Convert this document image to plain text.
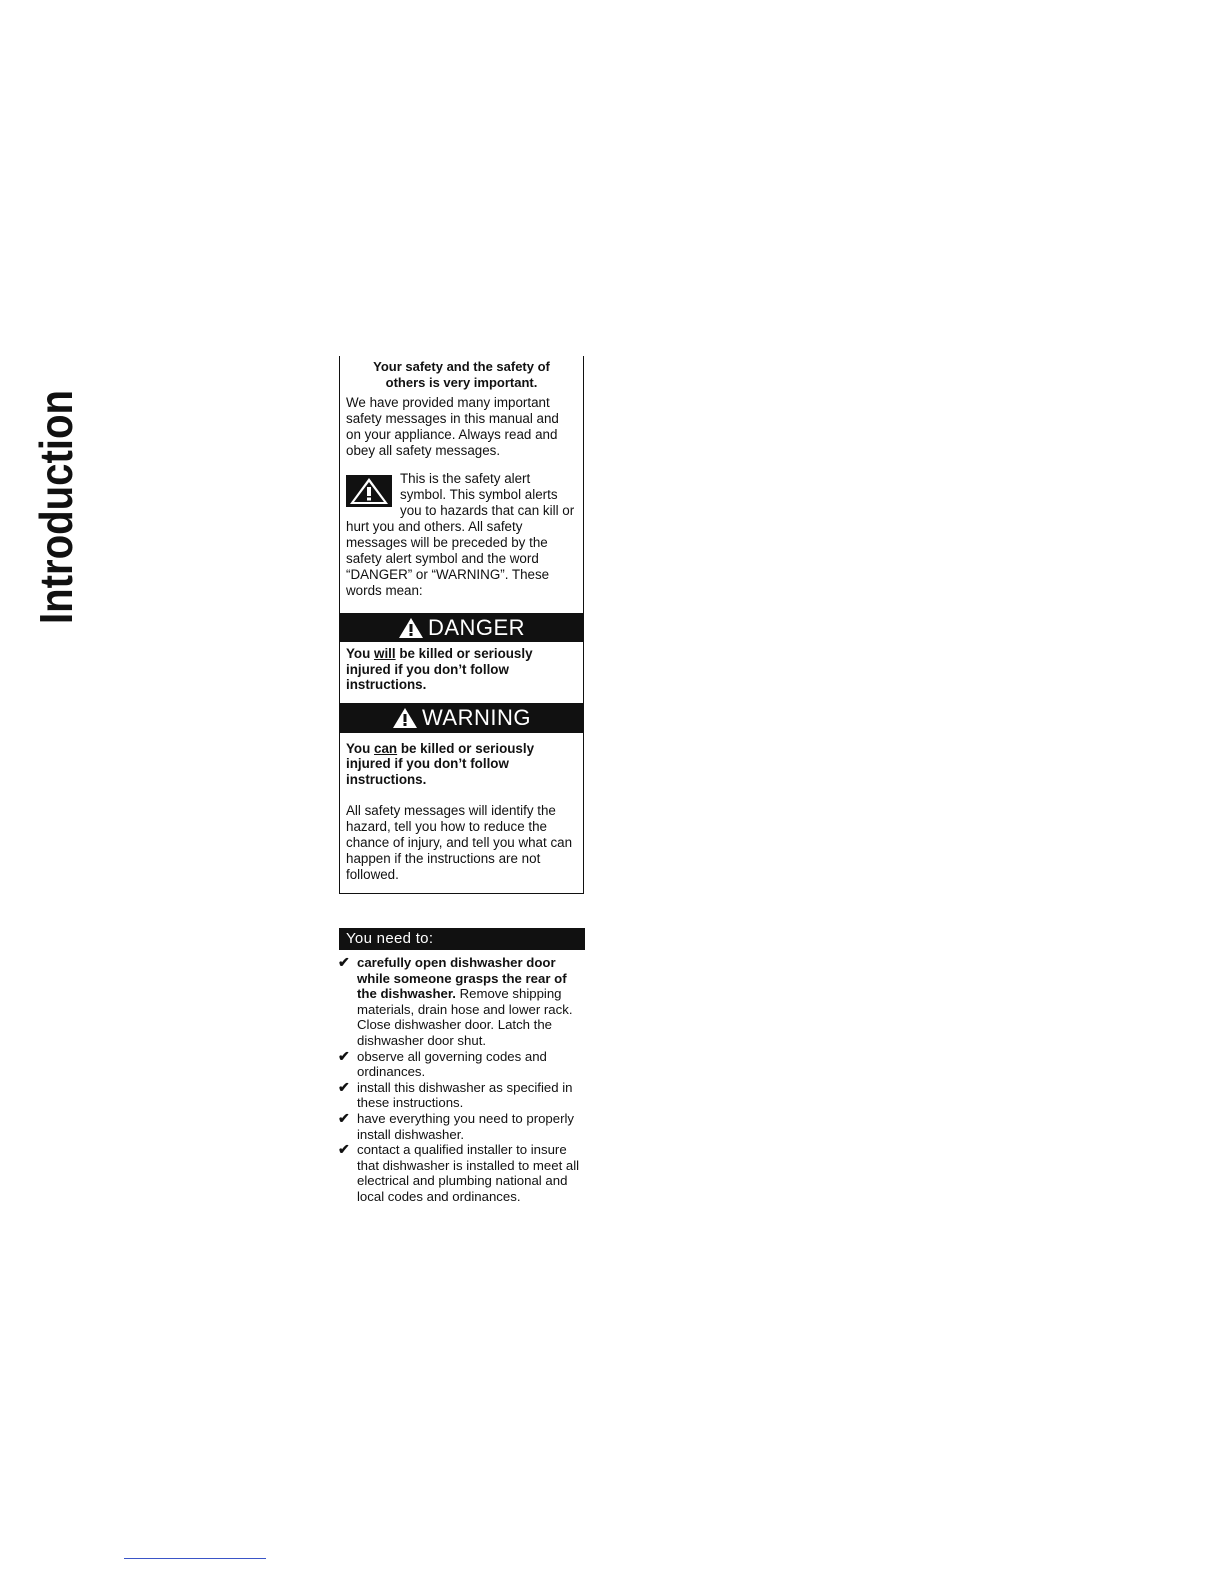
Introduction	Your safety and the safety of
others is very important.
We have provided many important safety messages in this manual and on your appliance. Always read and obey all safety messages.
This is the safety alert symbol. This symbol alerts you to hazards that can kill or hurt you and others. All safety messages will be preceded by the safety alert symbol and the word “DANGER” or “WARNING”. These words mean:
DANGER
You will be killed or seriously injured if you don’t follow instructions.
WARNING
You can be killed or seriously injured if you don’t follow instructions.
All safety messages will identify the hazard, tell you how to reduce the chance of injury, and tell you what can happen if the instructions are not followed.
You need to:
✔ carefully open dishwasher door while someone grasps the rear of the dishwasher. Remove shipping materials, drain hose and lower rack. Close dishwasher door. Latch the dishwasher door shut.
✔ observe all governing codes and ordinances.
✔ install this dishwasher as specified in these instructions.
✔ have everything you need to properly install dishwasher.
✔ contact a qualified installer to insure that dishwasher is installed to meet all electrical and plumbing national and local codes and ordinances.
